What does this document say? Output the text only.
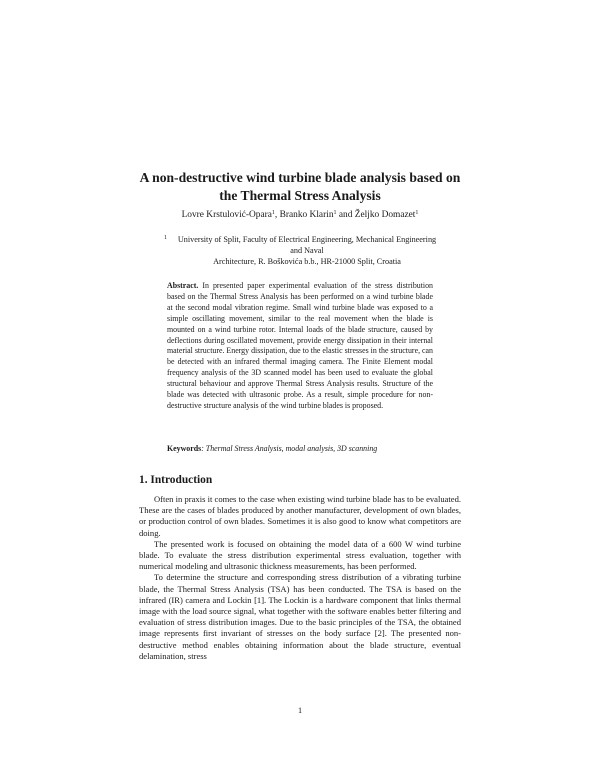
A non-destructive wind turbine blade analysis based on
the Thermal Stress Analysis
Lovre Krstulović-Opara$^1$, Branko Klarin$^1$ and Željko Domazet$^1$
1 University of Split, Faculty of Electrical Engineering, Mechanical Engineering and Naval
Architecture, R. Boškovića b.b., HR-21000 Split, Croatia

Abstract. In presented paper experimental evaluation of the stress distribution based on the Thermal Stress Analysis has been performed on a wind turbine blade at the second modal vibration regime. Small wind turbine blade was exposed to a simple oscillating movement, similar to the real movement when the blade is mounted on a wind turbine rotor. Internal loads of the blade structure, caused by deflections during oscillated movement, provide energy dissipation in their internal material structure. Energy dissipation, due to the elastic stresses in the structure, can be detected with an infrared thermal imaging camera. The Finite Element modal frequency analysis of the 3D scanned model has been used to evaluate the global structural behaviour and approve Thermal Stress Analysis results. Structure of the blade was detected with ultrasonic probe. As a result, simple procedure for non-destructive structure analysis of the wind turbine blades is proposed.

Keywords: Thermal Stress Analysis, modal analysis, 3D scanning
1. Introduction

Often in praxis it comes to the case when existing wind turbine blade has to be evaluated. These are the cases of blades produced by another manufacturer, development of own blades, or production control of own blades. Sometimes it is also good to know what competitors are doing.

The presented work is focused on obtaining the model data of a 600 W wind turbine blade. To evaluate the stress distribution experimental stress evaluation, together with numerical modeling and ultrasonic thickness measurements, has been performed.

To determine the structure and corresponding stress distribution of a vibrating turbine blade, the Thermal Stress Analysis (TSA) has been conducted. The TSA is based on the infrared (IR) camera and Lockin [1]. The Lockin is a hardware component that links thermal image with the load source signal, what together with the software enables better filtering and evaluation of stress distribution images. Due to the basic principles of the TSA, the obtained image represents first invariant of stresses on the body surface [2]. The presented non-destructive method enables obtaining information about the blade structure, eventual delamination, stress

1
